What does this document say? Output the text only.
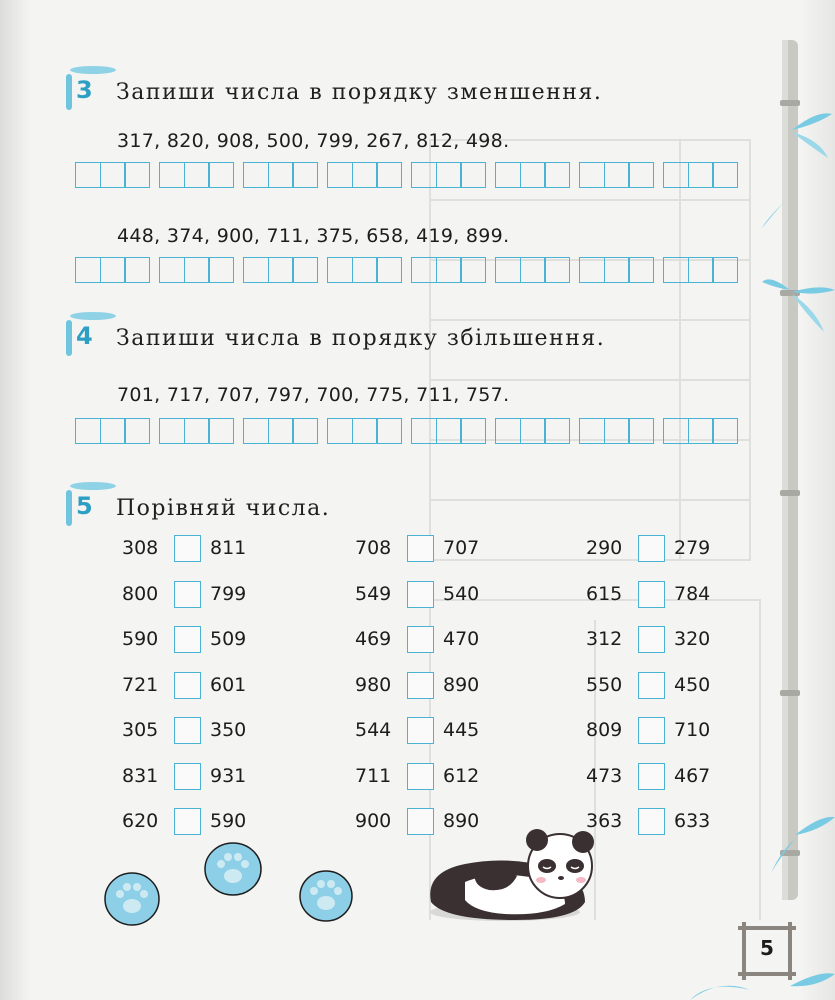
3 Запиши числа в порядку зменшення.
317, 820, 908, 500, 799, 267, 812, 498.
448, 374, 900, 711, 375, 658, 419, 899.
4 Запиши числа в порядку збільшення.
701, 717, 707, 797, 700, 775, 711, 757.
5 Порівняй числа.
308	811	708	707	290	279
800	799	549	540	615	784
590	509	469	470	312	320
721	601	980	890	550	450
305	350	544	445	809	710
831	931	711	612	473	467
620	590	900	890	363	633
5
